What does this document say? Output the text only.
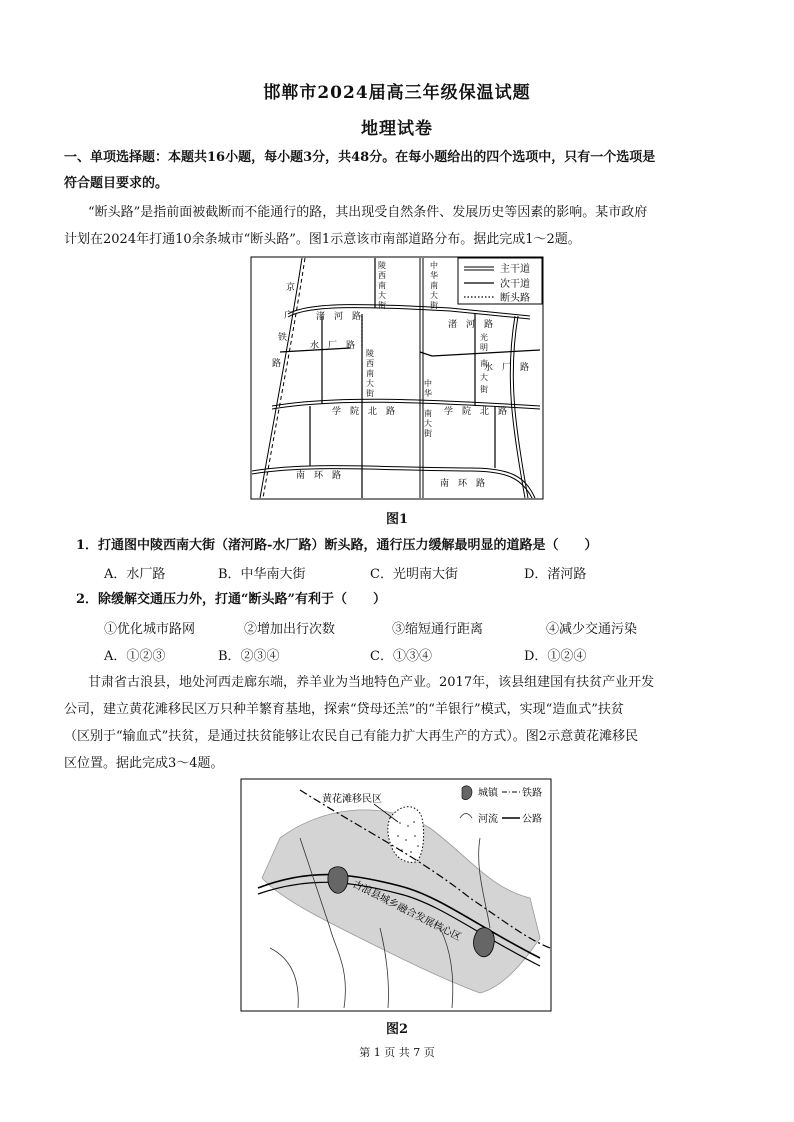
邯郸市2024届高三年级保温试题
地理试卷
一、单项选择题：本题共16小题，每小题3分，共48分。在每小题给出的四个选项中，只有一个选项是
符合题目要求的。
“断头路”是指前面被截断而不能通行的路，其出现受自然条件、发展历史等因素的影响。某市政府
计划在2024年打通10余条城市“断头路”。图1示意该市南部道路分布。据此完成1～2题。
主干道
次干道
断头路
京
广
铁
路
渚　河　路
水　厂　路
陵
西
南
大
街
陵
西
南
大
街
中
华
南
大
街
中
华
南
大
街
渚　河　路
光
明
水　厂　路
南
大
街
学　院　北　路	学　院　北　路
南　环　路
南　环　路
图1
1．打通图中陵西南大街（渚河路-水厂路）断头路，通行压力缓解最明显的道路是（　　）
A．水厂路	B．中华南大街	C．光明南大街	D．渚河路
2．除缓解交通压力外，打通“断头路”有利于（　　）
①优化城市路网	②增加出行次数	③缩短通行距离	④减少交通污染
A．①②③	B．②③④	C．①③④	D．①②④
甘肃省古浪县，地处河西走廊东端，养羊业为当地特色产业。2017年，该县组建国有扶贫产业开发
公司，建立黄花滩移民区万只种羊繁育基地，探索“贷母还羔”的“羊银行”模式，实现“造血式”扶贫
（区别于“输血式”扶贫，是通过扶贫能够让农民自己有能力扩大再生产的方式）。图2示意黄花滩移民
区位置。据此完成3～4题。
黄花滩移民区
古浪县城乡融合发展核心区
城镇 铁路
河流 公路
图2
第 1 页 共 7 页
